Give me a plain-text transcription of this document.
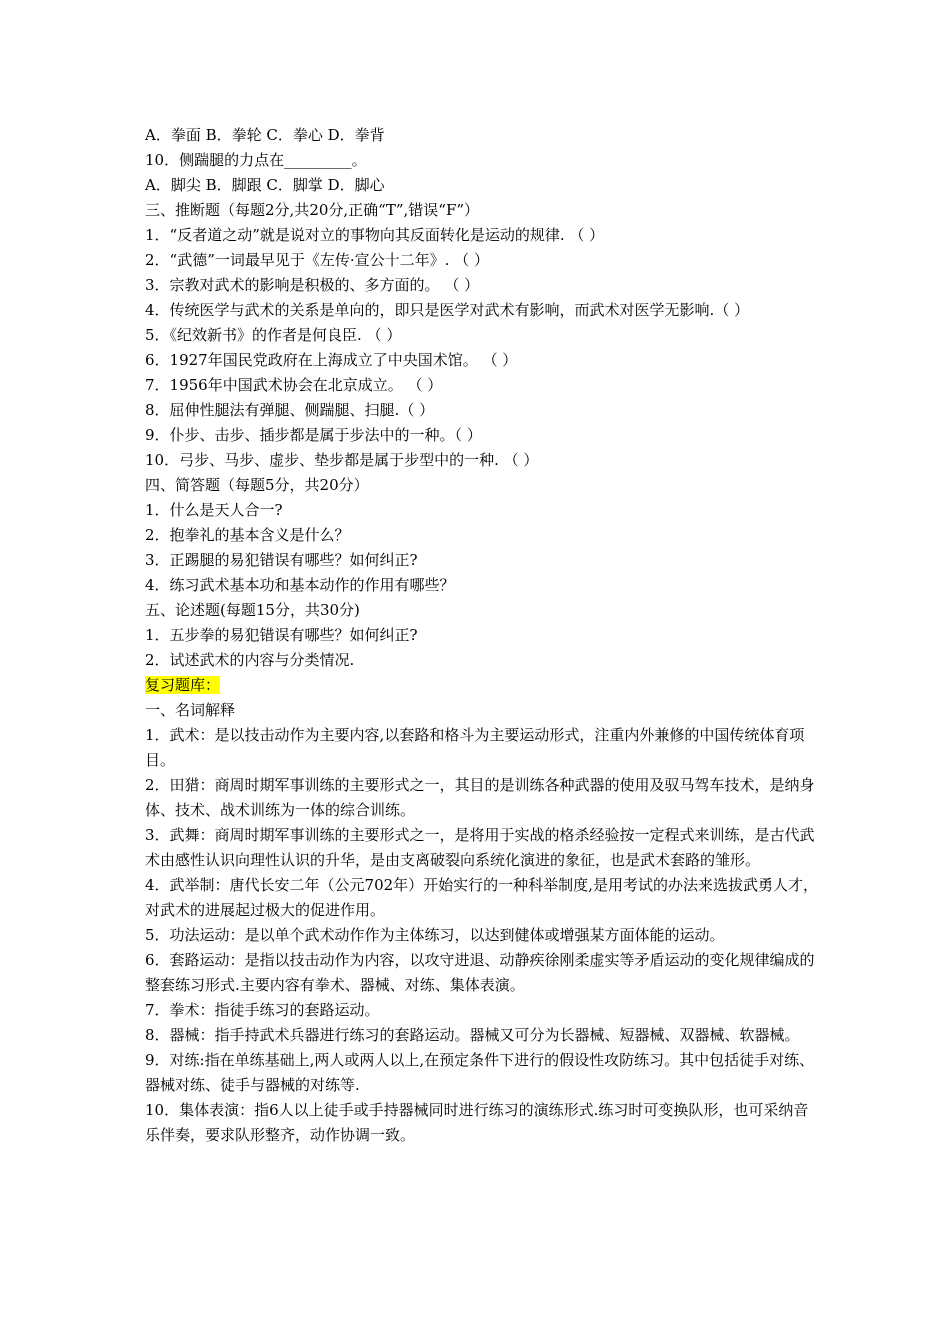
A．拳面 B．拳轮 C．拳心 D．拳背
10．侧踹腿的力点在_________。
A．脚尖 B．脚跟 C．脚掌 D．脚心
三、推断题（每题2分,共20分,正确“T”,错误“F”）
1．“反者道之动”就是说对立的事物向其反面转化是运动的规律. （ ）
2．“武德”一词最早见于《左传·宣公十二年》. （ ）
3．宗教对武术的影响是积极的、多方面的。 （ ）
4．传统医学与武术的关系是单向的，即只是医学对武术有影响，而武术对医学无影响.（ ）
5．《纪效新书》的作者是何良臣. （ ）
6．1927年国民党政府在上海成立了中央国术馆。 （ ）
7．1956年中国武术协会在北京成立。 （ ）
8．屈伸性腿法有弹腿、侧踹腿、扫腿.（ ）
9．仆步、击步、插步都是属于步法中的一种。（ ）
10．弓步、马步、虚步、垫步都是属于步型中的一种. （ ）
四、简答题（每题5分，共20分）
1．什么是天人合一?
2．抱拳礼的基本含义是什么？
3．正踢腿的易犯错误有哪些？如何纠正?
4．练习武术基本功和基本动作的作用有哪些？
五、论述题(每题15分，共30分)
1．五步拳的易犯错误有哪些？如何纠正?
2．试述武术的内容与分类情况.
复习题库：
一、名词解释
1．武术：是以技击动作为主要内容,以套路和格斗为主要运动形式，注重内外兼修的中国传统体育项目。
2．田猎：商周时期军事训练的主要形式之一，其目的是训练各种武器的使用及驭马驾车技术，是纳身体、技术、战术训练为一体的综合训练。
3．武舞：商周时期军事训练的主要形式之一，是将用于实战的格杀经验按一定程式来训练，是古代武术由感性认识向理性认识的升华，是由支离破裂向系统化演进的象征，也是武术套路的雏形。
4．武举制：唐代长安二年（公元702年）开始实行的一种科举制度,是用考试的办法来选拔武勇人才，对武术的进展起过极大的促进作用。
5．功法运动：是以单个武术动作作为主体练习，以达到健体或增强某方面体能的运动。
6．套路运动：是指以技击动作为内容，以攻守进退、动静疾徐刚柔虚实等矛盾运动的变化规律编成的整套练习形式.主要内容有拳术、器械、对练、集体表演。
7．拳术：指徒手练习的套路运动。
8．器械：指手持武术兵器进行练习的套路运动。器械又可分为长器械、短器械、双器械、软器械。
9．对练:指在单练基础上,两人或两人以上,在预定条件下进行的假设性攻防练习。其中包括徒手对练、器械对练、徒手与器械的对练等.
10．集体表演：指6人以上徒手或手持器械同时进行练习的演练形式.练习时可变换队形，也可采纳音乐伴奏，要求队形整齐，动作协调一致。
